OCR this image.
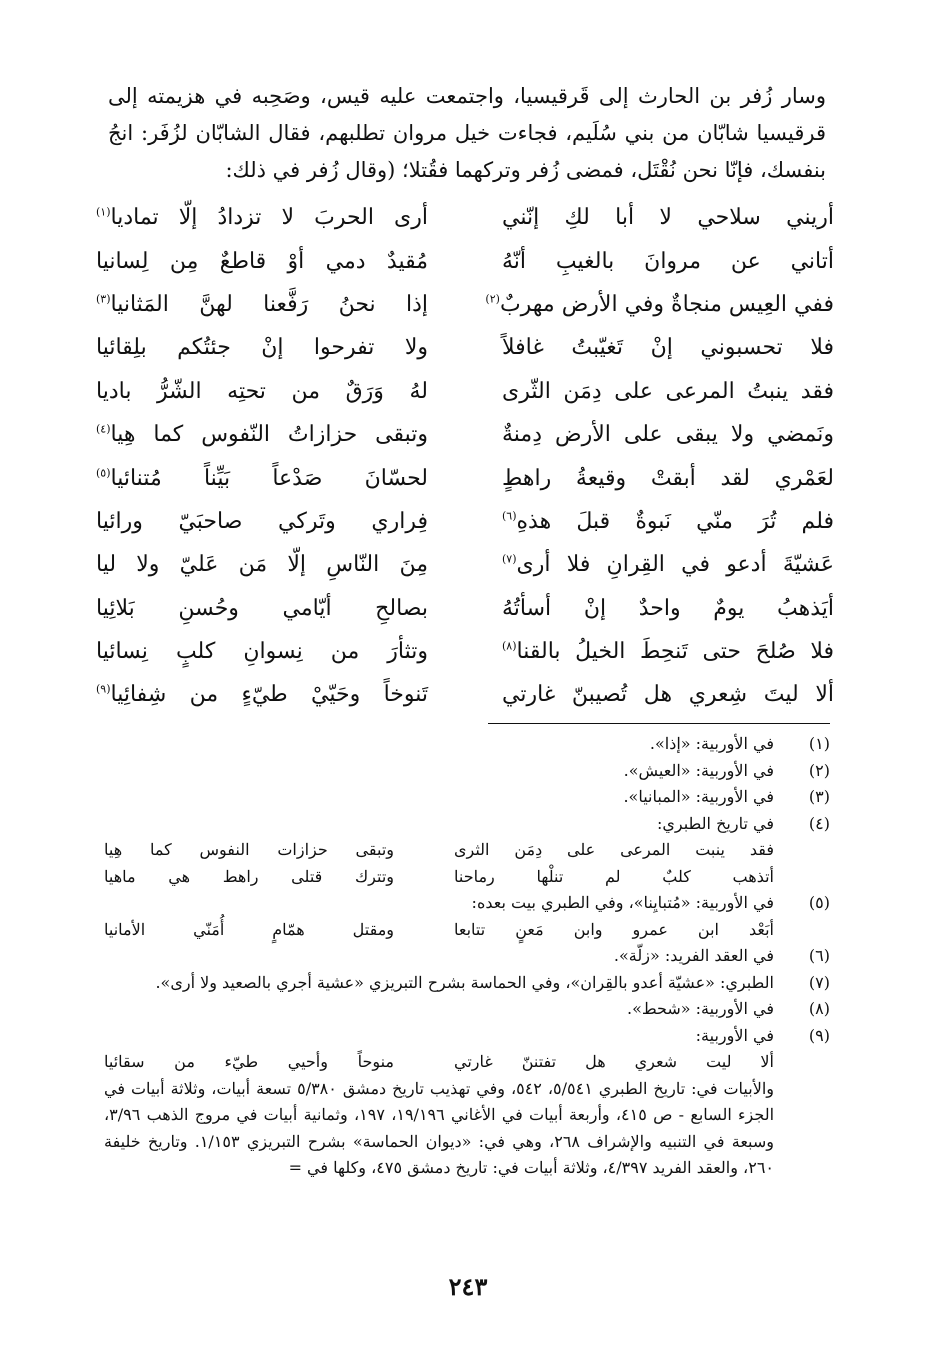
وسار زُفر بن الحارث إلى قَرقيسيا، واجتمعت عليه قيس، وصَحِبه في هزيمته إلى قرقيسيا شابّان من بني سُلَيم، فجاءت خيل مروان تطلبهم، فقال الشابّان لزُفَر: انجُ بنفسك، فإنّا نحن نُقْتَل، فمضى زُفر وتركهما فقُتلا؛ (وقال زُفر في ذلك:

أريني سلاحي لا أبا لكِ إنّني
أرى الحربَ لا تزدادُ إلّا تماديا$^{(١)}$
أتاني عن مروانَ بالغيبِ أنّهُ
مُقيدٌ دمي أوْ قاطعٌ مِن لِسانيا
ففي العِيس منجاةٌ وفي الأرض مهربٌ$^{(٢)}$
إذا نحنُ رَفَّعنا لهنَّ المَثانيا$^{(٣)}$
فلا تحسبوني إنْ تَغيّبتُ غافلاً
ولا تفرحوا إنْ جئتُكم بلِقائيا
فقد ينبتُ المرعى على دِمَن الثّرى
لهُ وَرَقٌ من تحتِه الشّرُّ باديا
ونَمضي ولا يبقى على الأرض دِمنةٌ
وتبقى حزازاتُ النّفوس كما هِيا$^{(٤)}$
لعَمْري لقد أبقتْ وقيعةُ راهطٍ
لحسّانَ صَدْعاً بَيِّناً مُتنائيا$^{(٥)}$
فلم تُرَ منّي نَبوةٌ قبلَ هذهِ$^{(٦)}$
فِراري وتَركي صاحبَيّ ورائيا
عَشيّةَ أدعو في القِرانِ فلا أرى$^{(٧)}$
مِنَ النّاسِ إلّا مَن عَليّ ولا ليا
أيَذهبُ يومٌ واحدٌ إنْ أسأتُهُ
بصالحِ أيّامي وحُسنِ بَلائِيا
فلا صُلحَ حتى تَنحِطَ الخيلُ بالقنا$^{(٨)}$
وتثأرَ من نِسوانِ كلبٍ نِسائيا
ألا ليتَ شِعري هل تُصيبنّ غارتي
تَنوخاً وحَيّيْ طيّءٍ من شِفائِيا$^{(٩)}$
(١)
في الأوربية: «إذا».
(٢)
في الأوربية: «العيش».
(٣)
في الأوربية: «المبانيا».
(٤)
في تاريخ الطبري:
فقد ينبت المرعى على دِمَن الثرى
وتبقى حزازات النفوس كما هِيا
أتذهب كلبٌ لم تنلْها رماحنا
وتترك قتلى راهط هي ماهيا
(٥)
في الأوربية: «مُتبايِنا»، وفي الطبري بيت بعده:
أبَعْد ابن عمرو وابن مَعنٍ تتابعا
ومقتل همّامٍ أُمَنّي الأمانيا
(٦)
في العقد الفريد: «زلّة».
(٧)
الطبري: «عشيّة أعدو بالقِران»، وفي الحماسة بشرح التبريزي «عشية أجري بالصعيد ولا أرى».
(٨)
في الأوربية: «شحط».
(٩)
في الأوربية:
ألا ليت شعري هل تفتننّ غارتي
منوحاً وأحيي طيّء من سقائيا
والأبيات في: تاريخ الطبري ٥/٥٤١، ٥٤٢، وفي تهذيب تاريخ دمشق ٥/٣٨٠ تسعة أبيات، وثلاثة أبيات في الجزء السابع - ص ٤١٥، وأربعة أبيات في الأغاني ١٩/١٩٦، ١٩٧، وثمانية أبيات في مروج الذهب ٣/٩٦، وسبعة في التنبيه والإشراف ٢٦٨، وهي في: «ديوان الحماسة» بشرح التبريزي ١/١٥٣. وتاريخ خليفة ٢٦٠، والعقد الفريد ٤/٣٩٧، وثلاثة أبيات في: تاريخ دمشق ٤٧٥، وكلها في =
٢٤٣
